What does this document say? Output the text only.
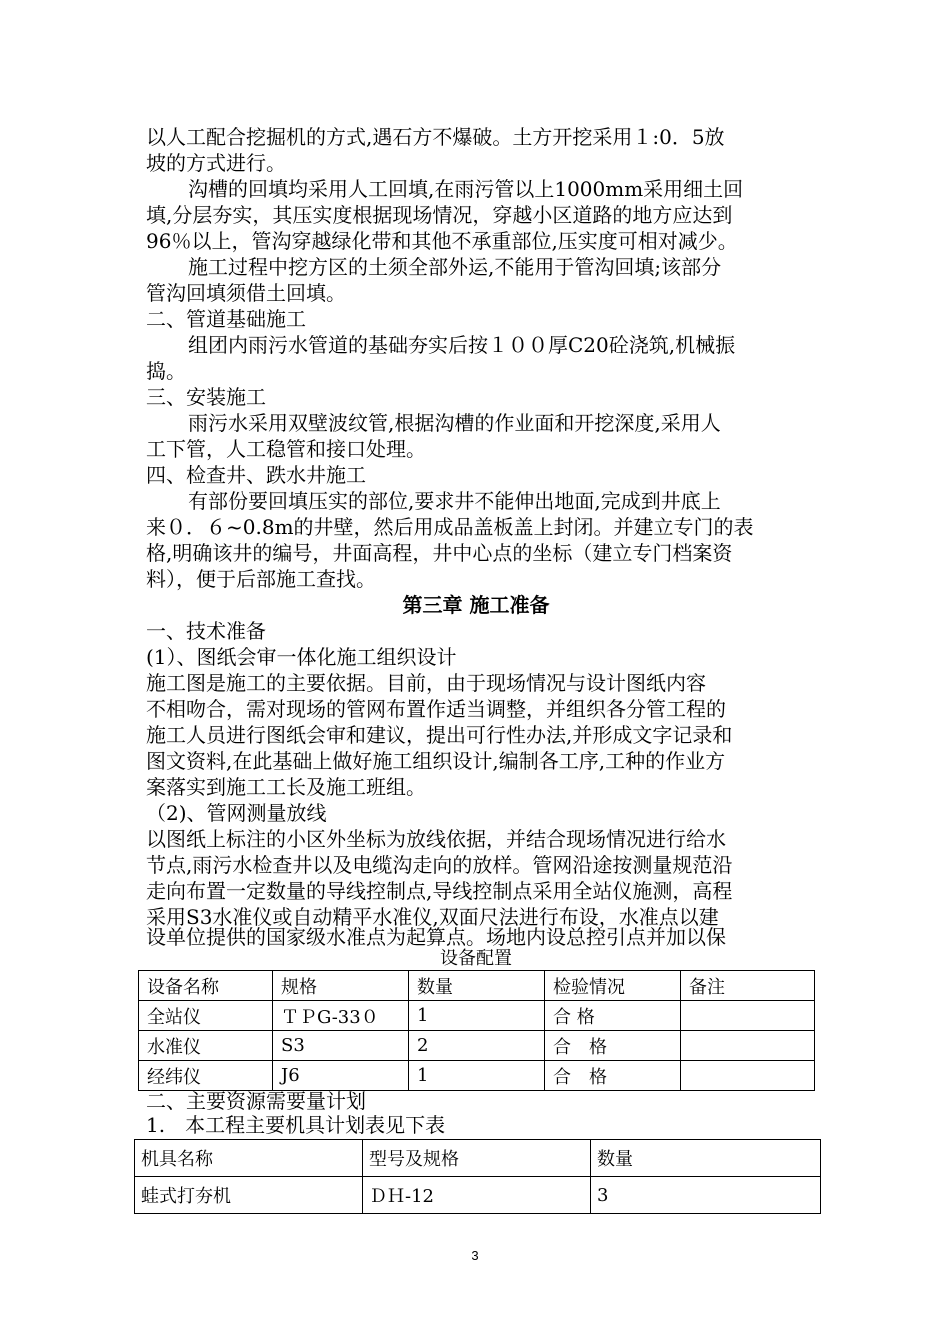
以人工配合挖掘机的方式,遇石方不爆破。土方开挖采用１:0．5放
坡的方式进行。
沟槽的回填均采用人工回填,在雨污管以上1000mm采用细土回
填,分层夯实，其压实度根据现场情况，穿越小区道路的地方应达到
96％以上，管沟穿越绿化带和其他不承重部位,压实度可相对减少。
施工过程中挖方区的土须全部外运,不能用于管沟回填;该部分
管沟回填须借土回填。
二、管道基础施工
组团内雨污水管道的基础夯实后按１００厚C20砼浇筑,机械振
捣。
三、安装施工
雨污水采用双壁波纹管,根据沟槽的作业面和开挖深度,采用人
工下管，人工稳管和接口处理。
四、检查井、跌水井施工
有部份要回填压实的部位,要求井不能伸出地面,完成到井底上
来０．６~0.8m的井壁，然后用成品盖板盖上封闭。并建立专门的表
格,明确该井的编号，井面高程，井中心点的坐标（建立专门档案资
料），便于后部施工查找。
第三章 施工准备
一、技术准备
(1）、图纸会审一体化施工组织设计
施工图是施工的主要依据。目前，由于现场情况与设计图纸内容
不相吻合，需对现场的管网布置作适当调整，并组织各分管工程的
施工人员进行图纸会审和建议，提出可行性办法,并形成文字记录和
图文资料,在此基础上做好施工组织设计,编制各工序,工种的作业方
案落实到施工工长及施工班组。
（2)、管网测量放线
以图纸上标注的小区外坐标为放线依据，并结合现场情况进行给水
节点,雨污水检查井以及电缆沟走向的放样。管网沿途按测量规范沿
走向布置一定数量的导线控制点,导线控制点采用全站仪施测，高程
采用S3水准仪或自动精平水准仪,双面尺法进行布设，水准点以建
设单位提供的国家级水准点为起算点。场地内设总控引点并加以保
设备配置
设备名称	规格	数量	检验情况	备注
全站仪	ＴＰG-33０	1	合 格	
水准仪	S3	2	合　格	
经纬仪	J6	1	合　格	
二、主要资源需要量计划
1.　本工程主要机具计划表见下表
机具名称	型号及规格	数量
蛙式打夯机	ＤＨ-12	3
3
